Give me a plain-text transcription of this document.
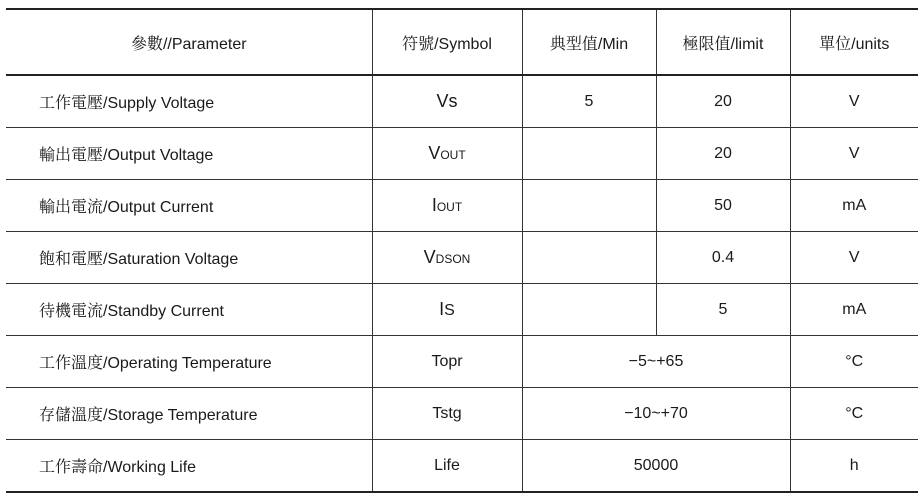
參數//Parameter	符號/Symbol	典型值/Min	極限值/limit	單位/units
工作電壓/Supply Voltage	Vs	5	20	V
輸出電壓/Output Voltage	VOUT		20	V
輸出電流/Output Current	IOUT		50	mA
飽和電壓/Saturation Voltage	VDSON		0.4	V
待機電流/Standby Current	IS		5	mA
工作溫度/Operating Temperature	Topr	−5~+65		°C
存儲溫度/Storage Temperature	Tstg	−10~+70		°C
工作壽命/Working Life	Life	50000		h
